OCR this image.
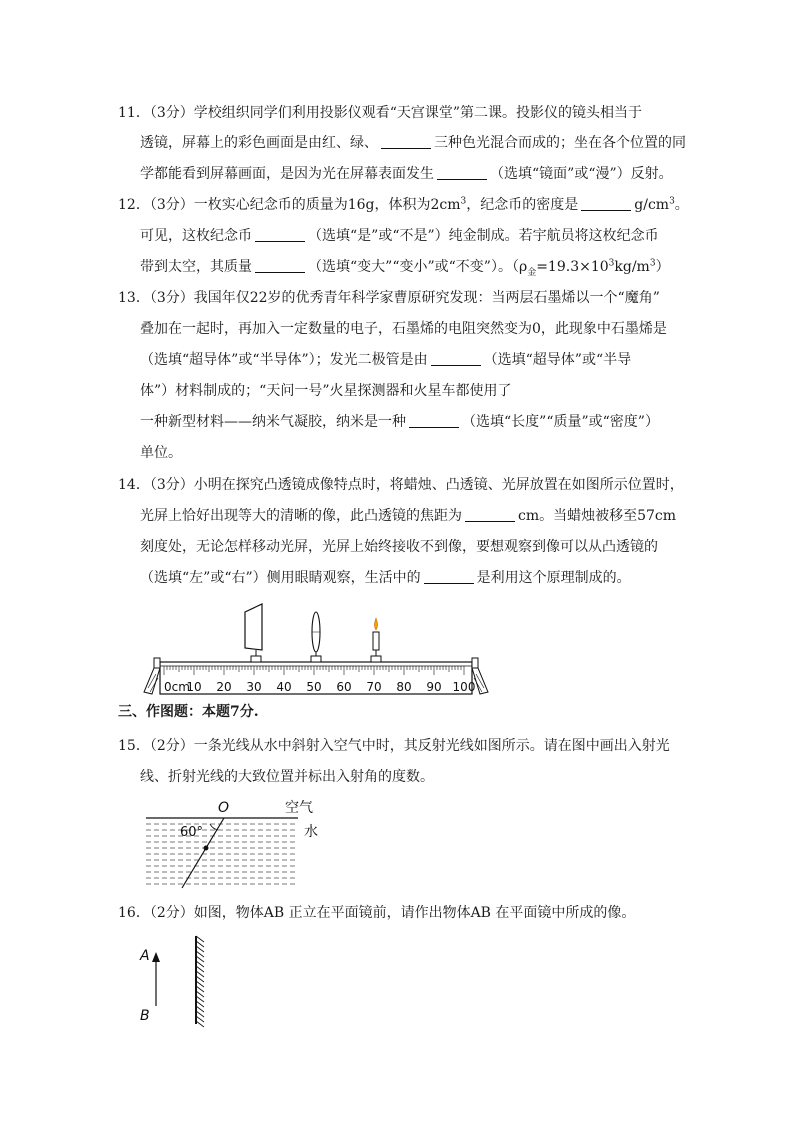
11．（3分）学校组织同学们利用投影仪观看“天宫课堂”第二课。投影仪的镜头相当于
透镜，屏幕上的彩色画面是由红、绿、	三种色光混合而成的；坐在各个位置的同
学都能看到屏幕画面，是因为光在屏幕表面发生	（选填“镜面”或“漫”）反射。
12．（3分）一枚实心纪念币的质量为16g，体积为$2cm^3$，纪念币的密度是	$g/cm^3$。
可见，这枚纪念币	（选填“是”或“不是”）纯金制成。若宇航员将这枚纪念币
带到太空，其质量	（选填“变大”“变小”或“不变”）。$(\rho_金=19.3\times 10^3kg/m^3)$
13．（3分）我国年仅22岁的优秀青年科学家曹原研究发现：当两层石墨烯以一个“魔角”
叠加在一起时，再加入一定数量的电子，石墨烯的电阻突然变为0，此现象中石墨烯是
（选填“超导体”或“半导体”）；发光二极管是由	（选填“超导体”或“半导
体”）材料制成的；“天问一号”火星探测器和火星车都使用了
一种新型材料——纳米气凝胶，纳米是一种	（选填“长度”“质量”或“密度”）
单位。
14．（3分）小明在探究凸透镜成像特点时，将蜡烛、凸透镜、光屏放置在如图所示位置时，
光屏上恰好出现等大的清晰的像，此凸透镜的焦距为	cm。当蜡烛被移至57cm
刻度处，无论怎样移动光屏，光屏上始终接收不到像，要想观察到像可以从凸透镜的
（选填“左”或“右”）侧用眼睛观察，生活中的	是利用这个原理制成的。
0cm
10 20 30 40 50 60 70 80 90 100
三、作图题：本题7分.
15．（2分）一条光线从水中斜射入空气中时，其反射光线如图所示。请在图中画出入射光
线、折射光线的大致位置并标出入射角的度数。
O	空气
水
60°
16．（2分）如图，物体AB 正立在平面镜前，请作出物体AB 在平面镜中所成的像。
A
B
